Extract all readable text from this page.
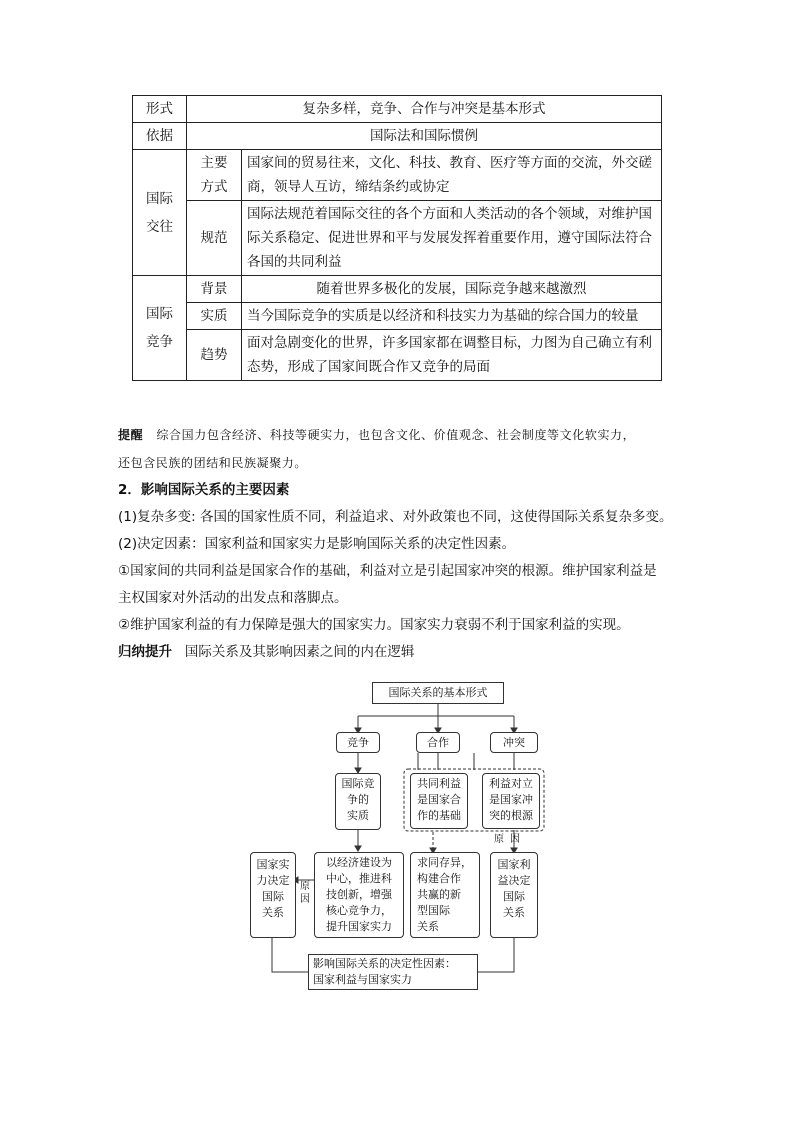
形式	复杂多样，竞争、合作与冲突是基本形式	
依据	国际法和国际惯例	
国际交往	主要方式	国家间的贸易往来，文化、科技、教育、医疗等方面的交流，外交磋商，领导人互访，缔结条约或协定
	规范	国际法规范着国际交往的各个方面和人类活动的各个领域，对维护国际关系稳定、促进世界和平与发展发挥着重要作用，遵守国际法符合各国的共同利益
国际竞争	背景	随着世界多极化的发展，国际竞争越来越激烈
	实质	当今国际竞争的实质是以经济和科技实力为基础的综合国力的较量
	趋势	面对急剧变化的世界，许多国家都在调整目标，力图为自己确立有利态势，形成了国家间既合作又竞争的局面
提醒 综合国力包含经济、科技等硬实力，也包含文化、价值观念、社会制度等文化软实力，
还包含民族的团结和民族凝聚力。
2．影响国际关系的主要因素
(1)复杂多变: 各国的国家性质不同，利益追求、对外政策也不同，这使得国际关系复杂多变。
(2)决定因素：国家利益和国家实力是影响国际关系的决定性因素。
①国家间的共同利益是国家合作的基础，利益对立是引起国家冲突的根源。维护国家利益是
主权国家对外活动的出发点和落脚点。
②维护国家利益的有力保障是强大的国家实力。国家实力衰弱不利于国家利益的实现。
归纳提升 国际关系及其影响因素之间的内在逻辑
国际关系的基本形式
竞争	合作	冲突
国际竞
争的
实质
共同利益
是国家合
作的基础
利益对立
是国家冲
突的根源
原因
国家实
力决定
国际
关系
原
因
以经济建设为
中心，推进科
技创新，增强
核心竞争力，
提升国家实力
求同存异，
构建合作
共赢的新
型国际
关系
国家利
益决定
国际
关系
影响国际关系的决定性因素：
国家利益与国家实力
